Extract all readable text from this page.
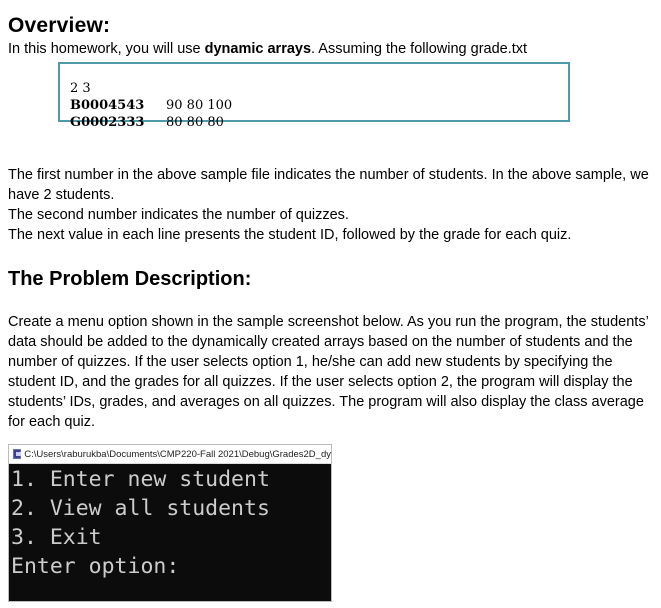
Overview:
In this homework, you will use dynamic arrays. Assuming the following grade.txt
2 3
B0004543 90 80 100
G0002333 80 80 80
The first number in the above sample file indicates the number of students. In the above sample, we have 2 students.
The second number indicates the number of quizzes.
The next value in each line presents the student ID, followed by the grade for each quiz.
The Problem Description:
Create a menu option shown in the sample screenshot below. As you run the program, the students’ data should be added to the dynamically created arrays based on the number of students and the number of quizzes. If the user selects option 1, he/she can add new students by specifying the student ID, and the grades for all quizzes. If the user selects option 2, the program will display the students’ IDs, grades, and averages on all quizzes. The program will also display the class average for each quiz.
C:\Users\raburukba\Documents\CMP220-Fall 2021\Debug\Grades2D_dy
1. Enter new student
2. View all students
3. Exit
Enter option:
